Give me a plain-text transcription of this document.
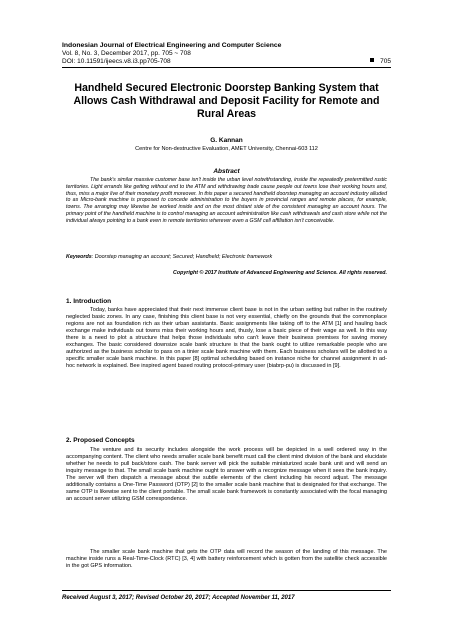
Indonesian Journal of Electrical Engineering and Computer Science
Vol. 8, No. 3, December 2017, pp. 705 ~ 708
DOI: 10.11591/ijeecs.v8.i3.pp705-708	705
Handheld Secured Electronic Doorstep Banking System that Allows Cash Withdrawal and Deposit Facility for Remote and Rural Areas
G. Kannan
Centre for Non-destructive Evaluation, AMET University, Chennai-603 112
Abstract

The bank's similar massive customer base isn't inside the urban level notwithstanding, inside the repeatedly pretermitted rustic territories. Light errands like getting without end to the ATM and withdrawing trade cause people out towns lose their working hours and, thus, miss a major live of their monetary profit moreover. In this paper a secured handheld doorstep managing an account industry alluded to as Micro-bank machine is proposed to concede administration to the buyers in provincial ranges and remote places, for example, towns. The arranging may likewise be worked inside and on the most distant side of the consistent managing an account hours. The primary point of the handheld machine is to control managing an account administration like cash withdrawals and cash store while not the individual always pointing to a bank even in remote territories wherever even a GSM cell affiliation isn't conceivable.

Keywords: Doorstep managing an account; Secured; Handheld; Electronic framework
Copyright © 2017 Institute of Advanced Engineering and Science. All rights reserved.
1. Introduction

Today, banks have appreciated that their next immense client base is not in the urban setting but rather in the routinely neglected basic zones. In any case, finishing this client base is not very essential, chiefly on the grounds that the commonplace regions are not as foundation rich as their urban assistants. Basic assignments like taking off to the ATM [1] and hauling back exchange make individuals out towns miss their working hours and, thusly, lose a basic piece of their wage as well. In this way there is a need to plot a structure that helps those individuals who can't leave their business premises for saving money exchanges. The basic considered downsize scale bank structure is that the bank ought to utilize remarkable people who are authorized as the business scholar to pass on a tinier scale bank machine with them. Each business scholars will be allotted to a specific smaller scale bank machine. In this paper [8] optimal scheduling based on instance niche for channel assignment in ad-hoc network is explained. Bee inspired agent based routing protocol-primary user (biabrp-pu) is discussed in [9].

2. Proposed Concepts

The venture and its security includes alongside the work process will be depicted in a well ordered way in the accompanying content. The client who needs smaller scale bank benefit must call the client mind division of the bank and elucidate whether he needs to pull back/store cash. The bank server will pick the suitable miniaturized scale bank unit and will send an inquiry message to that. The small scale bank machine ought to answer with a recognize message when it sees the bank inquiry. The server will then dispatch a message about the subtle elements of the client including his record adjust. The message additionally contains a One-Time Password (OTP) [2] to the smaller scale bank machine that is designated for that exchange. The same OTP is likewise sent to the client portable. The small scale bank framework is constantly associated with the focal managing an account server utilizing GSM correspondence.

The smaller scale bank machine that gets the OTP data will record the season of the landing of this message. The machine inside runs a Real-Time-Clock (RTC) [3, 4] with battery reinforcement which is gotten from the satellite check accessible in the got GPS information.

Received August 3, 2017; Revised October 20, 2017; Accepted November 11, 2017
